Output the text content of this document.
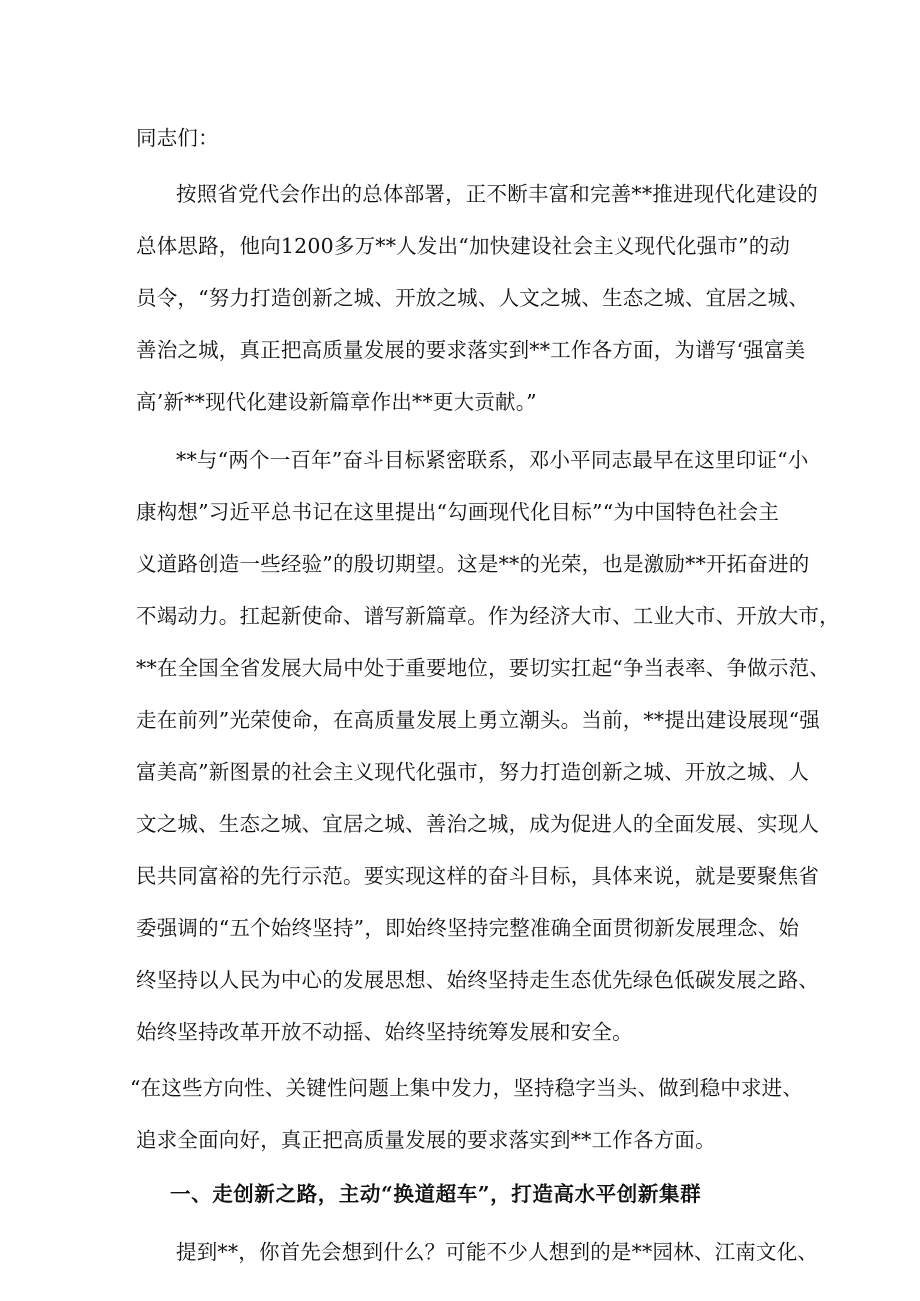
同志们：
按照省党代会作出的总体部署，正不断丰富和完善**推进现代化建设的
总体思路，他向1200多万**人发出“加快建设社会主义现代化强市”的动
员令，“努力打造创新之城、开放之城、人文之城、生态之城、宜居之城、
善治之城，真正把高质量发展的要求落实到**工作各方面，为谱写‘强富美
高’新**现代化建设新篇章作出**更大贡献。”
**与“两个一百年”奋斗目标紧密联系，邓小平同志最早在这里印证“小
康构想”习近平总书记在这里提出“勾画现代化目标”“为中国特色社会主
义道路创造一些经验”的殷切期望。这是**的光荣，也是激励**开拓奋进的
不竭动力。扛起新使命、谱写新篇章。作为经济大市、工业大市、开放大市，
**在全国全省发展大局中处于重要地位，要切实扛起“争当表率、争做示范、
走在前列”光荣使命，在高质量发展上勇立潮头。当前，**提出建设展现“强
富美高”新图景的社会主义现代化强市，努力打造创新之城、开放之城、人
文之城、生态之城、宜居之城、善治之城，成为促进人的全面发展、实现人
民共同富裕的先行示范。要实现这样的奋斗目标，具体来说，就是要聚焦省
委强调的“五个始终坚持”，即始终坚持完整准确全面贯彻新发展理念、始
终坚持以人民为中心的发展思想、始终坚持走生态优先绿色低碳发展之路、
始终坚持改革开放不动摇、始终坚持统筹发展和安全。
“在这些方向性、关键性问题上集中发力，坚持稳字当头、做到稳中求进、
追求全面向好，真正把高质量发展的要求落实到**工作各方面。
一、走创新之路，主动“换道超车”，打造高水平创新集群
提到**，你首先会想到什么？可能不少人想到的是**园林、江南文化、
